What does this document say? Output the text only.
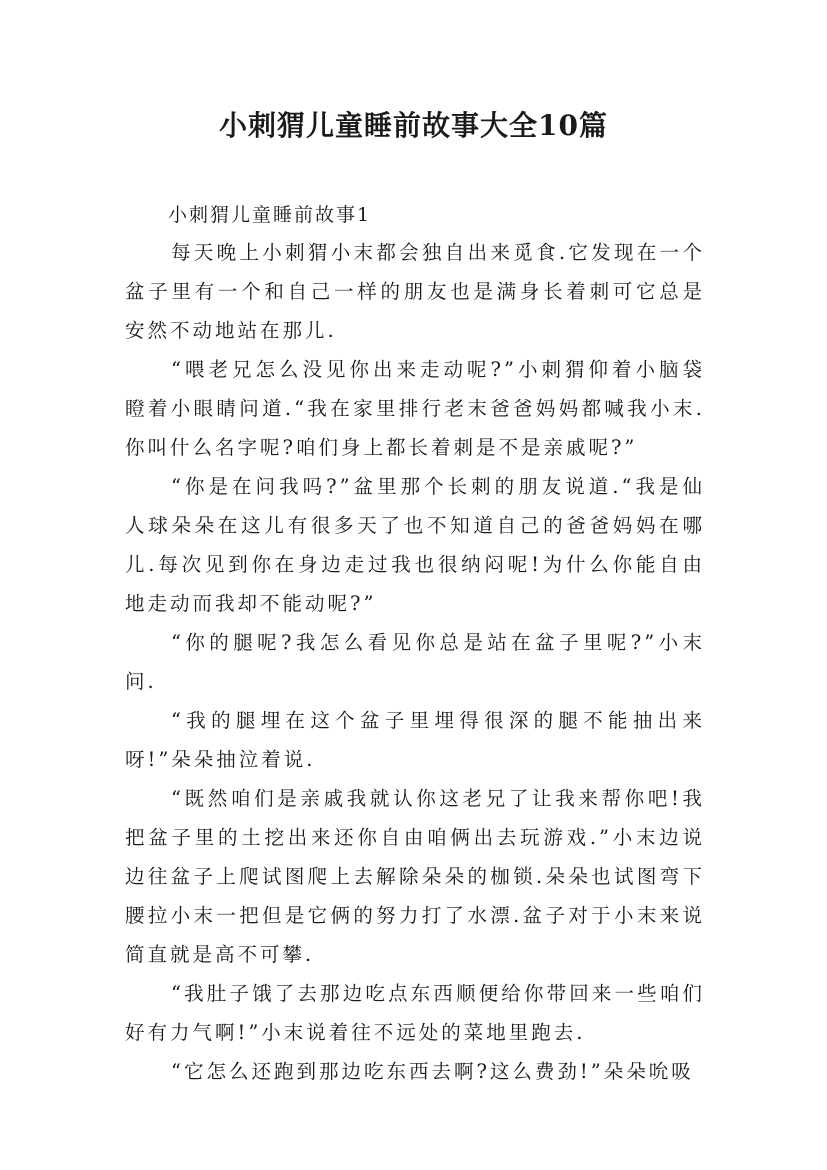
小刺猬儿童睡前故事大全10篇
小刺猬儿童睡前故事1

每天晚上小刺猬小末都会独自出来觅食.它发现在一个盆子里有一个和自己一样的朋友也是满身长着刺可它总是安然不动地站在那儿.

“喂老兄怎么没见你出来走动呢?”小刺猬仰着小脑袋瞪着小眼睛问道.“我在家里排行老末爸爸妈妈都喊我小末.你叫什么名字呢?咱们身上都长着刺是不是亲戚呢?”

“你是在问我吗?”盆里那个长刺的朋友说道.“我是仙人球朵朵在这儿有很多天了也不知道自己的爸爸妈妈在哪儿.每次见到你在身边走过我也很纳闷呢!为什么你能自由地走动而我却不能动呢?”

“你的腿呢?我怎么看见你总是站在盆子里呢?”小末问.

“我的腿埋在这个盆子里埋得很深的腿不能抽出来呀!”朵朵抽泣着说.

“既然咱们是亲戚我就认你这老兄了让我来帮你吧!我把盆子里的土挖出来还你自由咱俩出去玩游戏.”小末边说边往盆子上爬试图爬上去解除朵朵的枷锁.朵朵也试图弯下腰拉小末一把但是它俩的努力打了水漂.盆子对于小末来说简直就是高不可攀.

“我肚子饿了去那边吃点东西顺便给你带回来一些咱们好有力气啊!”小末说着往不远处的菜地里跑去.

“它怎么还跑到那边吃东西去啊?这么费劲!”朵朵吮吸
